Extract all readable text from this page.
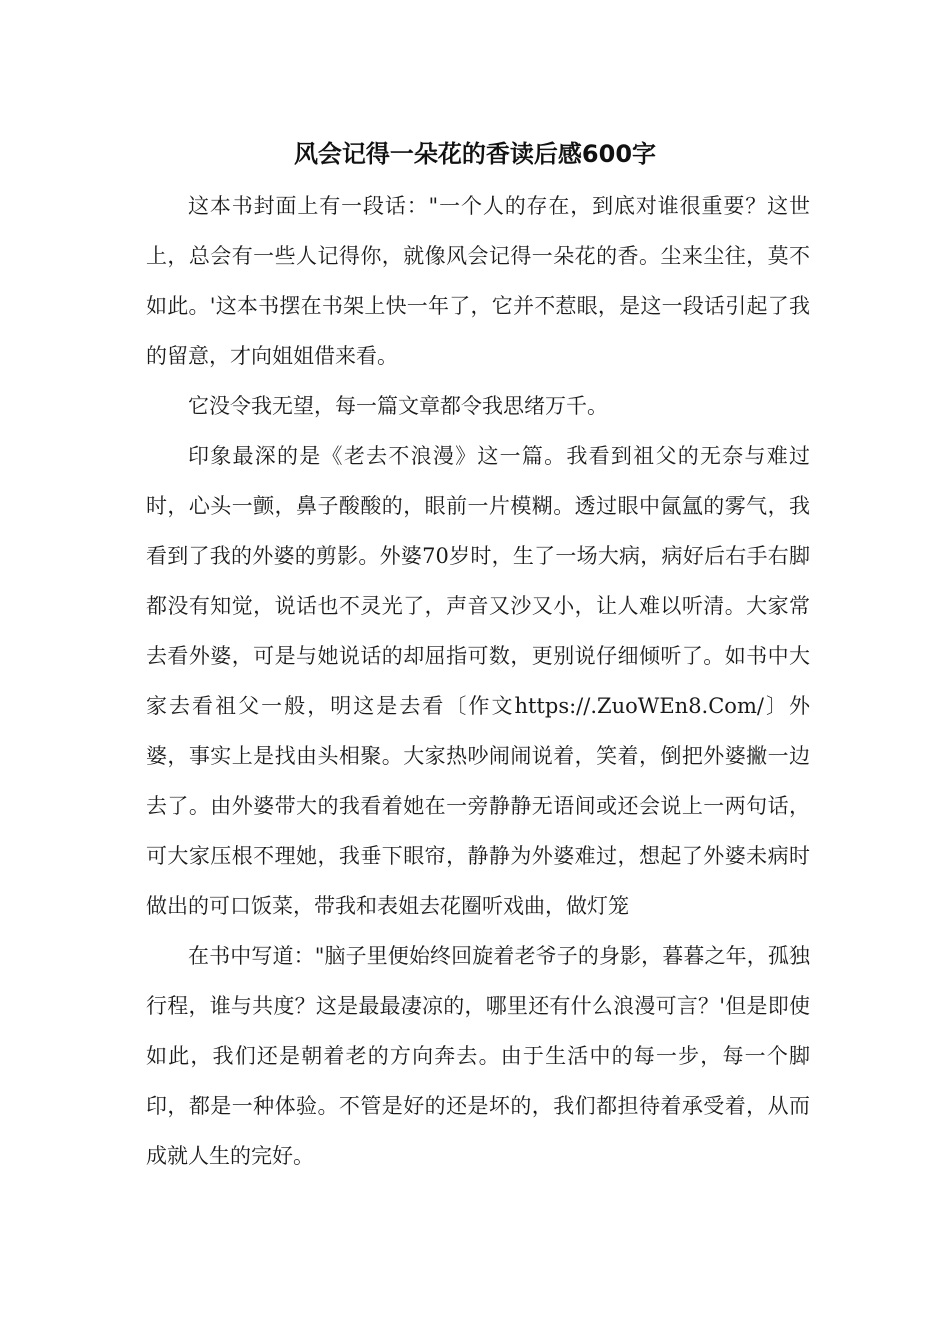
风会记得一朵花的香读后感600字

这本书封面上有一段话："一个人的存在，到底对谁很重要？这世上，总会有一些人记得你，就像风会记得一朵花的香。尘来尘往，莫不如此。'这本书摆在书架上快一年了，它并不惹眼，是这一段话引起了我的留意，才向姐姐借来看。

它没令我无望，每一篇文章都令我思绪万千。

印象最深的是《老去不浪漫》这一篇。我看到祖父的无奈与难过时，心头一颤，鼻子酸酸的，眼前一片模糊。透过眼中氤氲的雾气，我看到了我的外婆的剪影。外婆70岁时，生了一场大病，病好后右手右脚都没有知觉，说话也不灵光了，声音又沙又小，让人难以听清。大家常去看外婆，可是与她说话的却屈指可数，更别说仔细倾听了。如书中大家去看祖父一般，明这是去看〔作文https://.ZuoWEn8.Com/〕外婆，事实上是找由头相聚。大家热吵闹闹说着，笑着，倒把外婆撇一边去了。由外婆带大的我看着她在一旁静静无语间或还会说上一两句话，可大家压根不理她，我垂下眼帘，静静为外婆难过，想起了外婆未病时做出的可口饭菜，带我和表姐去花圈听戏曲，做灯笼

在书中写道："脑子里便始终回旋着老爷子的身影，暮暮之年，孤独行程，谁与共度？这是最最凄凉的，哪里还有什么浪漫可言？'但是即使如此，我们还是朝着老的方向奔去。由于生活中的每一步，每一个脚印，都是一种体验。不管是好的还是坏的，我们都担待着承受着，从而成就人生的完好。
